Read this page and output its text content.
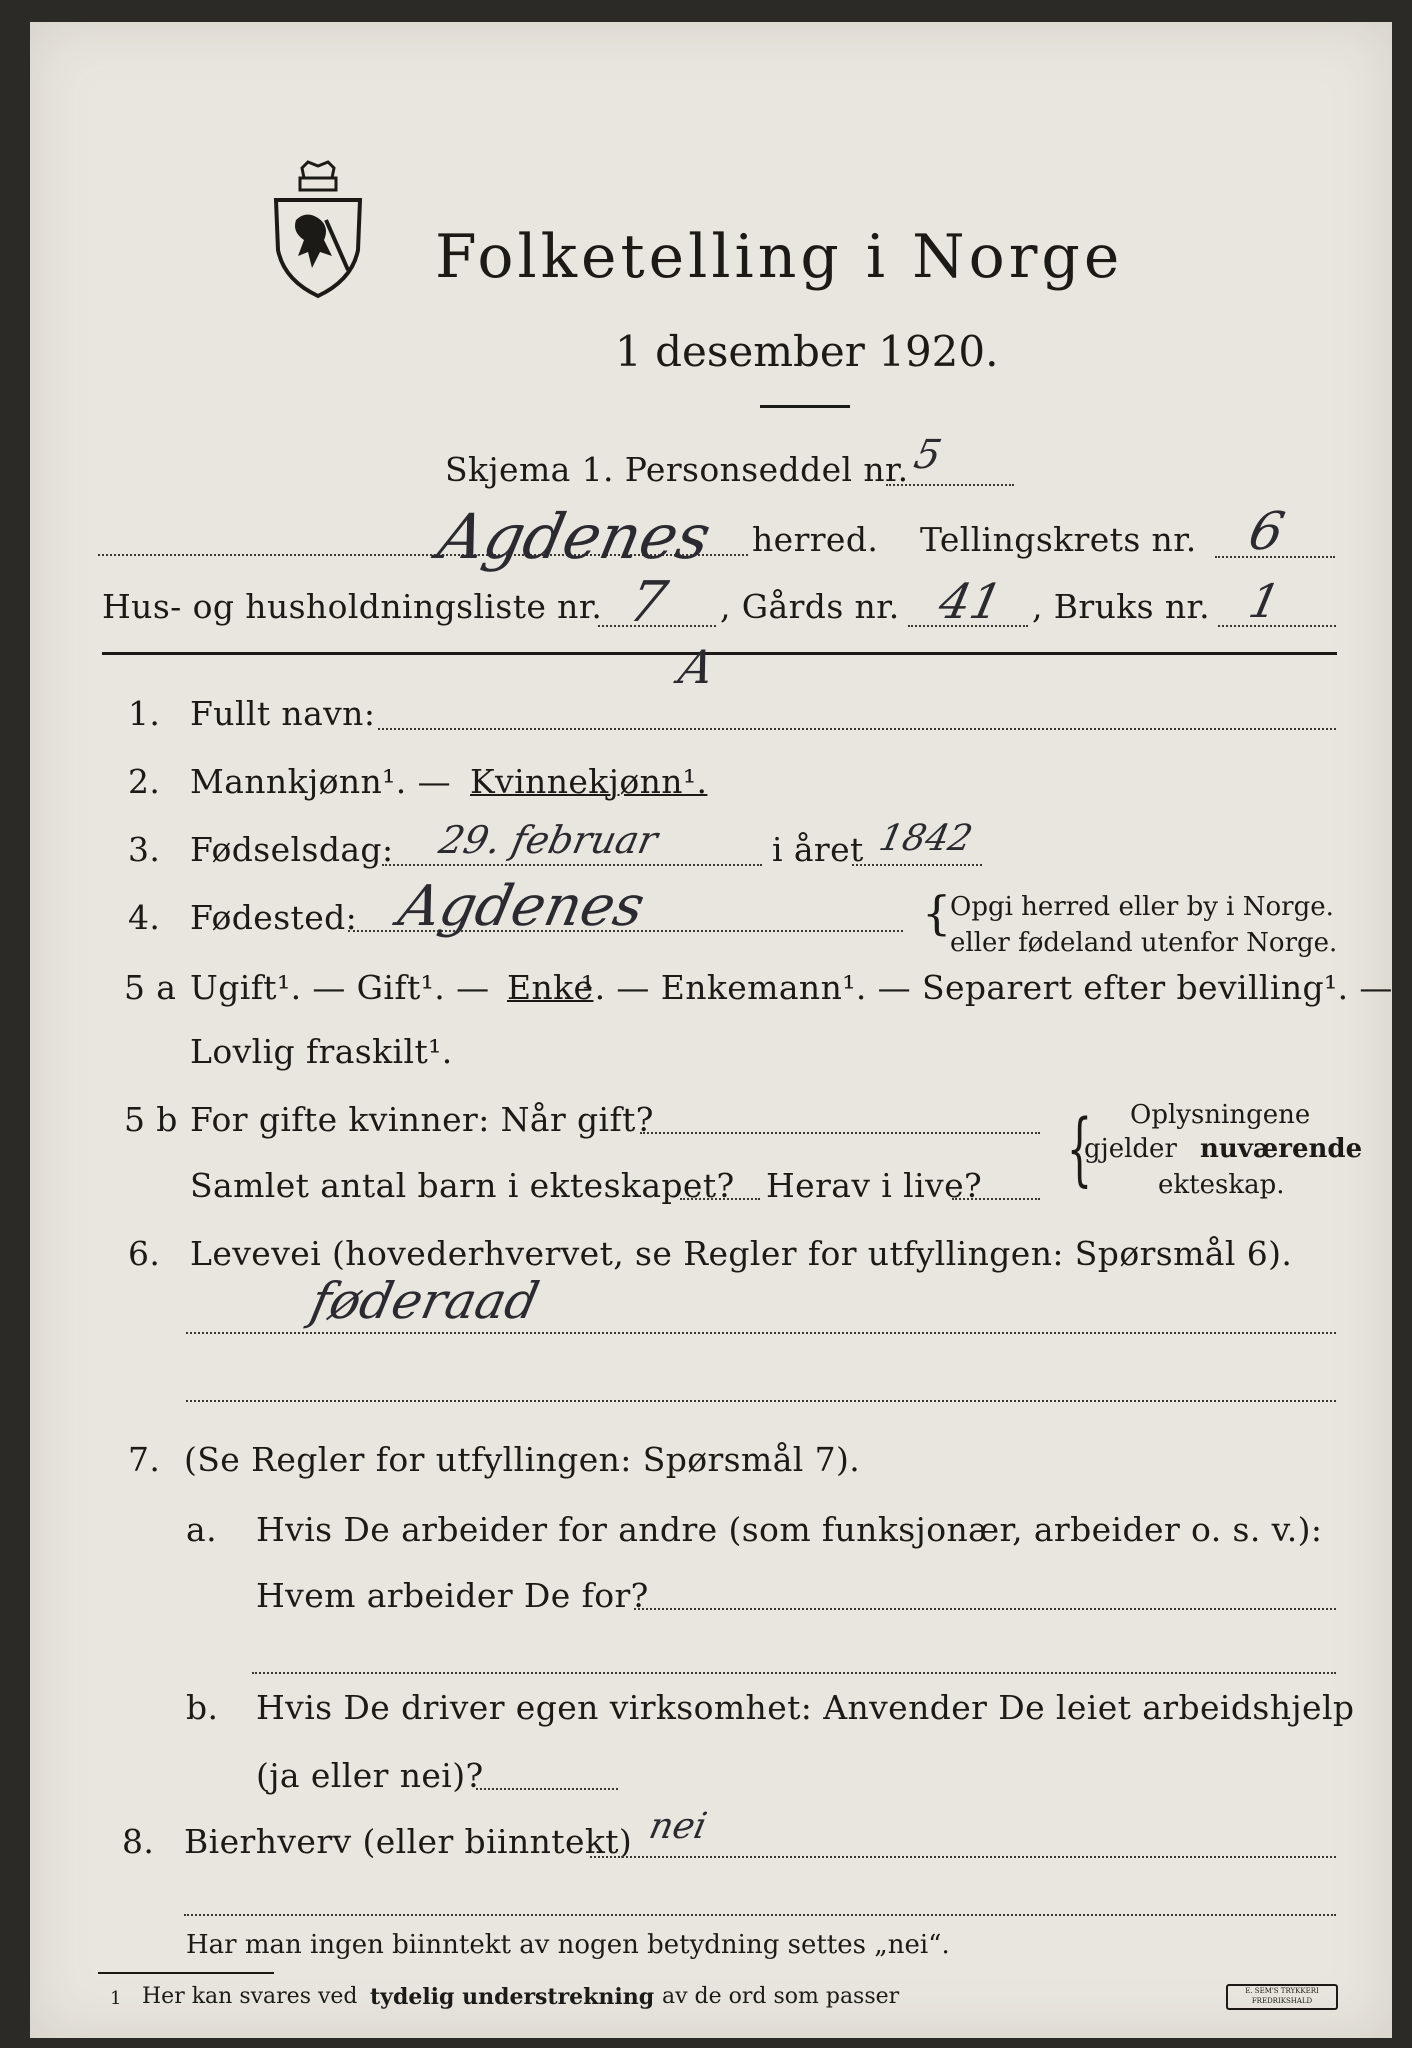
Folketelling i Norge
1 desember 1920.
Skjema 1. Personseddel nr. 5
Agdenes herred. Tellingskrets nr. 6
Hus- og husholdningsliste nr. 7 , Gårds nr. 41 , Bruks nr. 1
A
1. Fullt navn:
2. Mannkjønn¹. — Kvinnekjønn¹.
3. Fødselsdag: 29. februar	i året 1842
4. Fødested: Agdenes	{
Opgi herred eller by i Norge.
eller fødeland utenfor Norge.
5 a Ugift¹. — Gift¹. — Enke
¹. — Enkemann¹. — Separert efter bevilling¹. —
Lovlig fraskilt¹.
5 b For gifte kvinner: Når gift?
Samlet antal barn i ekteskapet? Herav i live? { Oplysningene
gjelder nuværende
ekteskap.
6. Levevei (hovederhvervet, se Regler for utfyllingen: Spørsmål 6).
føderaad
7. (Se Regler for utfyllingen: Spørsmål 7).
a. Hvis De arbeider for andre (som funksjonær, arbeider o. s. v.):
Hvem arbeider De for?
b. Hvis De driver egen virksomhet: Anvender De leiet arbeidshjelp
(ja eller nei)?
8. Bierhverv (eller biinntekt) nei
Har man ingen biinntekt av nogen betydning settes „nei“.
1 Her kan svares ved tydelig understrekning av de ord som passer	E. SEM'S TRYKKERI FREDRIKSHALD
